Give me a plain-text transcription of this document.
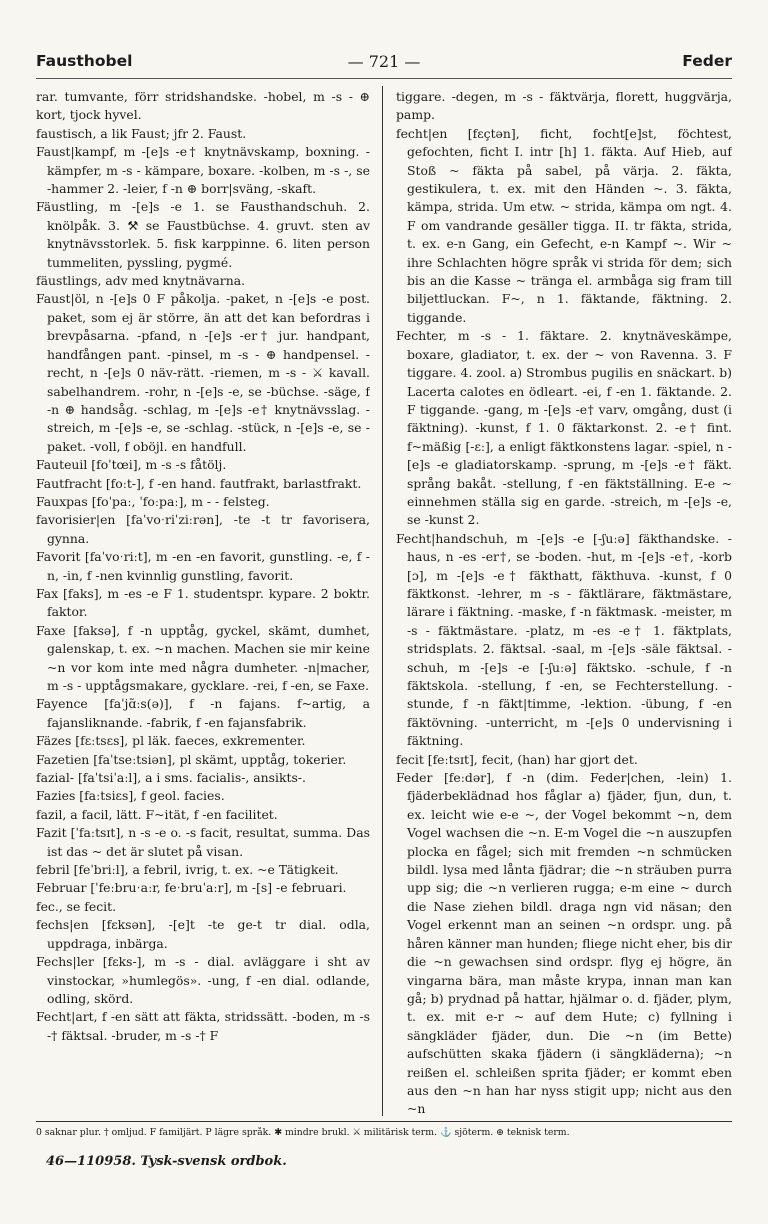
Fausthobel	— 721 —	Feder

rar. tumvante, förr stridshandske. -hobel, m -s - ⊕ kort, tjock hyvel.

faustisch, a lik Faust; jfr 2. Faust.

Faust|kampf, m -[e]s -e† knytnävskamp, boxning. -kämpfer, m -s - kämpare, boxare. -kolben, m -s -, se -hammer 2. -leier, f -n ⊕ borr|sväng, -skaft.

Fäustling, m -[e]s -e 1. se Fausthandschuh. 2. knölpåk. 3. ⚒ se Faustbüchse. 4. gruvt. sten av knytnävsstorlek. 5. fisk karppinne. 6. liten person tummeliten, pyssling, pygmé.

fäustlings, adv med knytnävarna.

Faust|öl, n -[e]s 0 F påkolja. -paket, n -[e]s -e post. paket, som ej är större, än att det kan befordras i brevpåsarna. -pfand, n -[e]s -er† jur. handpant, handfången pant. -pinsel, m -s - ⊕ handpensel. -recht, n -[e]s 0 näv-rätt. -riemen, m -s - ⚔ kavall. sabelhandrem. -rohr, n -[e]s -e, se -büchse. -säge, f -n ⊕ handsåg. -schlag, m -[e]s -e† knytnävsslag. -streich, m -[e]s -e, se -schlag. -stück, n -[e]s -e, se -paket. -voll, f oböjl. en handfull.

Fauteuil [foˈtœi], m -s -s fåtölj.

Fautfracht [foːt-], f -en hand. fautfrakt, barlastfrakt.

Fauxpas [foˈpaː, ˈfoːpaː], m - - felsteg.

favorisier|en [faˈvoˑriˈziːrən], -te -t tr favorisera, gynna.

Favorit [faˈvoˑriːt], m -en -en favorit, gunstling. -e, f -n, -in, f -nen kvinnlig gunstling, favorit.

Fax [faks], m -es -e F 1. studentspr. kypare. 2 boktr. faktor.

Faxe [faksə], f -n upptåg, gyckel, skämt, dumhet, galenskap, t. ex. ~n machen. Machen sie mir keine ~n vor kom inte med några dumheter. -n|macher, m -s - upptågsmakare, gycklare. -rei, f -en, se Faxe.

Fayence [faˈjɑ̃ːs(ə)], f -n fajans. f~artig, a fajansliknande. -fabrik, f -en fajansfabrik.

Fäzes [fɛːtsɛs], pl läk. faeces, exkrementer.

Fazetien [faˈtseːtsiən], pl skämt, upptåg, tokerier.

fazial- [faˈtsiˈaːl], a i sms. facialis-, ansikts-.

Fazies [faːtsiɛs], f geol. facies.

fazil, a facil, lätt. F~ität, f -en facilitet.

Fazit [ˈfaːtsɪt], n -s -e o. -s facit, resultat, summa. Das ist das ~ det är slutet på visan.

febril [feˈbriːl], a febril, ivrig, t. ex. ~e Tätigkeit.

Februar [ˈfeːbruˑaːr, feˑbruˈaːr], m -[s] -e februari.

fec., se fecit.

fechs|en [fɛksən], -[e]t -te ge-t tr dial. odla, uppdraga, inbärga.

Fechs|ler [fɛks-], m -s - dial. avläggare i sht av vinstockar, »humlegös». -ung, f -en dial. odlande, odling, skörd.

Fecht|art, f -en sätt att fäkta, stridssätt. -boden, m -s -† fäktsal. -bruder, m -s -† F

tiggare. -degen, m -s - fäktvärja, florett, huggvärja, pamp.

fecht|en [fɛçtən], ficht, focht[e]st, föchtest, gefochten, ficht I. intr [h] 1. fäkta. Auf Hieb, auf Stoß ~ fäkta på sabel, på värja. 2. fäkta, gestikulera, t. ex. mit den Händen ~. 3. fäkta, kämpa, strida. Um etw. ~ strida, kämpa om ngt. 4. F om vandrande gesäller tigga. II. tr fäkta, strida, t. ex. e-n Gang, ein Gefecht, e-n Kampf ~. Wir ~ ihre Schlachten högre språk vi strida för dem; sich bis an die Kasse ~ tränga el. armbåga sig fram till biljettluckan. F~, n 1. fäktande, fäktning. 2. tiggande.

Fechter, m -s - 1. fäktare. 2. knytnäveskämpe, boxare, gladiator, t. ex. der ~ von Ravenna. 3. F tiggare. 4. zool. a) Strombus pugilis en snäckart. b) Lacerta calotes en ödleart. -ei, f -en 1. fäktande. 2. F tiggande. -gang, m -[e]s -e† varv, omgång, dust (i fäktning). -kunst, f 1. 0 fäktarkonst. 2. -e† fint. f~mäßig [-ɛː], a enligt fäktkonstens lagar. -spiel, n -[e]s -e gladiatorskamp. -sprung, m -[e]s -e† fäkt. språng bakåt. -stellung, f -en fäktställning. E-e ~ einnehmen ställa sig en garde. -streich, m -[e]s -e, se -kunst 2.

Fecht|handschuh, m -[e]s -e [-ʃuːə] fäkthandske. -haus, n -es -er†, se -boden. -hut, m -[e]s -e†, -korb [ɔ], m -[e]s -e† fäkthatt, fäkthuva. -kunst, f 0 fäktkonst. -lehrer, m -s - fäktlärare, fäktmästare, lärare i fäktning. -maske, f -n fäktmask. -meister, m -s - fäktmästare. -platz, m -es -e† 1. fäktplats, stridsplats. 2. fäktsal. -saal, m -[e]s -säle fäktsal. -schuh, m -[e]s -e [-ʃuːə] fäktsko. -schule, f -n fäktskola. -stellung, f -en, se Fechterstellung. -stunde, f -n fäkt|timme, -lektion. -übung, f -en fäktövning. -unterricht, m -[e]s 0 undervisning i fäktning.

fecit [feːtsɪt], fecit, (han) har gjort det.

Feder [feːdər], f -n (dim. Feder|chen, -lein) 1. fjäderbeklädnad hos fåglar a) fjäder, fjun, dun, t. ex. leicht wie e-e ~, der Vogel bekommt ~n, dem Vogel wachsen die ~n. E-m Vogel die ~n auszupfen plocka en fågel; sich mit fremden ~n schmücken bildl. lysa med lånta fjädrar; die ~n sträuben purra upp sig; die ~n verlieren rugga; e-m eine ~ durch die Nase ziehen bildl. draga ngn vid näsan; den Vogel erkennt man an seinen ~n ordspr. ung. på håren känner man hunden; fliege nicht eher, bis dir die ~n gewachsen sind ordspr. flyg ej högre, än vingarna bära, man måste krypa, innan man kan gå; b) prydnad på hattar, hjälmar o. d. fjäder, plym, t. ex. mit e-r ~ auf dem Hute; c) fyllning i sängkläder fjäder, dun. Die ~n (im Bette) aufschütten skaka fjädern (i sängkläderna); ~n reißen el. schleißen sprita fjäder; er kommt eben aus den ~n han har nyss stigit upp; nicht aus den ~n

0 saknar plur. † omljud. F familjärt. P lägre språk. ✱ mindre brukl. ⚔ militärisk term. ⚓ sjöterm. ⊕ teknisk term.
46—110958. Tysk-svensk ordbok.
